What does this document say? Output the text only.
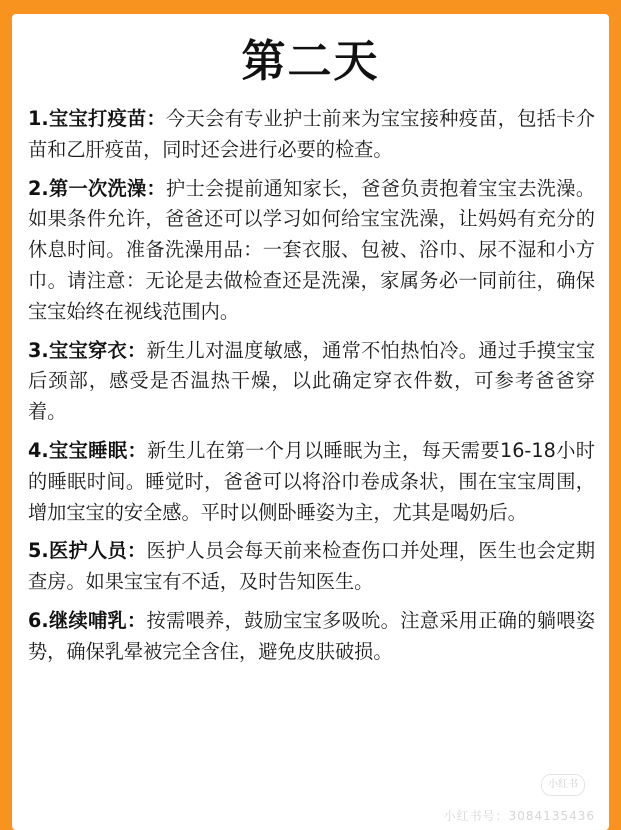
第二天
1.宝宝打疫苗：今天会有专业护士前来为宝宝接种疫苗，包括卡介苗和乙肝疫苗，同时还会进行必要的检查。
2.第一次洗澡：护士会提前通知家长，爸爸负责抱着宝宝去洗澡。如果条件允许，爸爸还可以学习如何给宝宝洗澡，让妈妈有充分的休息时间。准备洗澡用品：一套衣服、包被、浴巾、尿不湿和小方巾。请注意：无论是去做检查还是洗澡，家属务必一同前往，确保宝宝始终在视线范围内。
3.宝宝穿衣：新生儿对温度敏感，通常不怕热怕冷。通过手摸宝宝后颈部，感受是否温热干燥，以此确定穿衣件数，可参考爸爸穿着。
4.宝宝睡眠：新生儿在第一个月以睡眠为主，每天需要16-18小时的睡眠时间。睡觉时，爸爸可以将浴巾卷成条状，围在宝宝周围，增加宝宝的安全感。平时以侧卧睡姿为主，尤其是喝奶后。
5.医护人员：医护人员会每天前来检查伤口并处理，医生也会定期查房。如果宝宝有不适，及时告知医生。
6.继续哺乳：按需喂养，鼓励宝宝多吸吮。注意采用正确的躺喂姿势，确保乳晕被完全含住，避免皮肤破损。
小红书
小红书号：3084135436
